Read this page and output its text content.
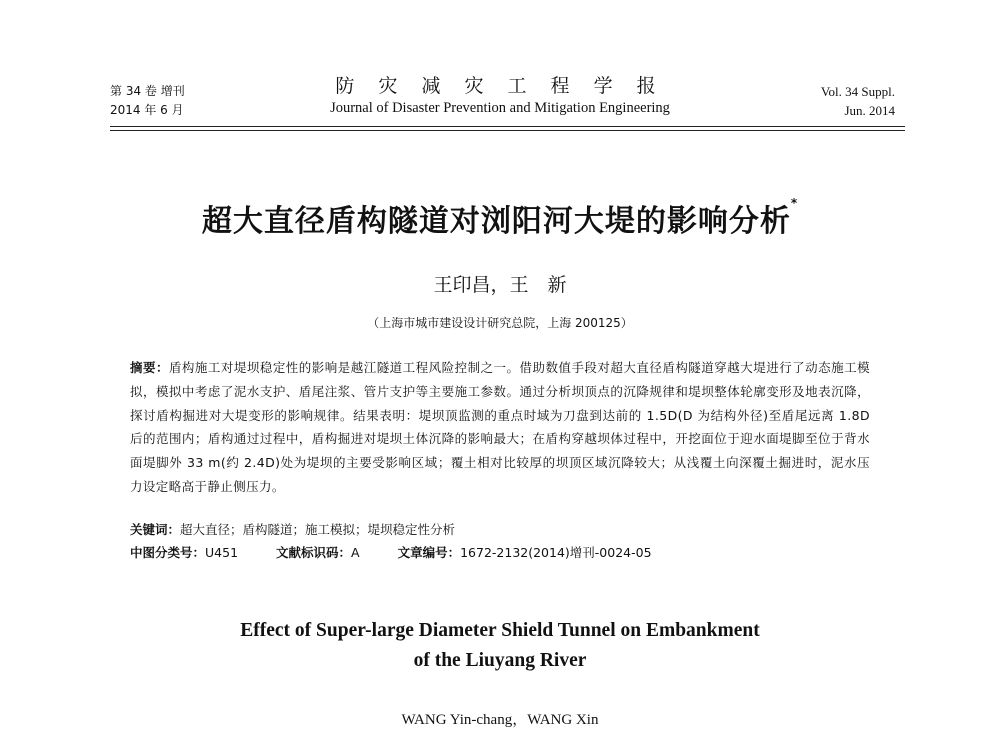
第 34 卷 增刊
2014 年 6 月
防 灾 减 灾 工 程 学 报
Journal of Disaster Prevention and Mitigation Engineering
Vol. 34 Suppl.
Jun. 2014
超大直径盾构隧道对浏阳河大堤的影响分析*
王印昌，王　新
（上海市城市建设设计研究总院，上海 200125）
摘要：盾构施工对堤坝稳定性的影响是越江隧道工程风险控制之一。借助数值手段对超大直径盾构隧道穿越大堤进行了动态施工模拟，模拟中考虑了泥水支护、盾尾注浆、管片支护等主要施工参数。通过分析坝顶点的沉降规律和堤坝整体轮廓变形及地表沉降，探讨盾构掘进对大堤变形的影响规律。结果表明：堤坝顶监测的重点时域为刀盘到达前的 1.5D(D 为结构外径)至盾尾远离 1.8D 后的范围内；盾构通过过程中，盾构掘进对堤坝土体沉降的影响最大；在盾构穿越坝体过程中，开挖面位于迎水面堤脚至位于背水面堤脚外 33 m(约 2.4D)处为堤坝的主要受影响区域；覆土相对比较厚的坝顶区域沉降较大；从浅覆土向深覆土掘进时，泥水压力设定略高于静止侧压力。
关键词：超大直径；盾构隧道；施工模拟；堤坝稳定性分析
中图分类号：U451	文献标识码：A	文章编号：1672-2132(2014)增刊-0024-05
Effect of Super-large Diameter Shield Tunnel on Embankment
of the Liuyang River
WANG Yin-chang，WANG Xin
